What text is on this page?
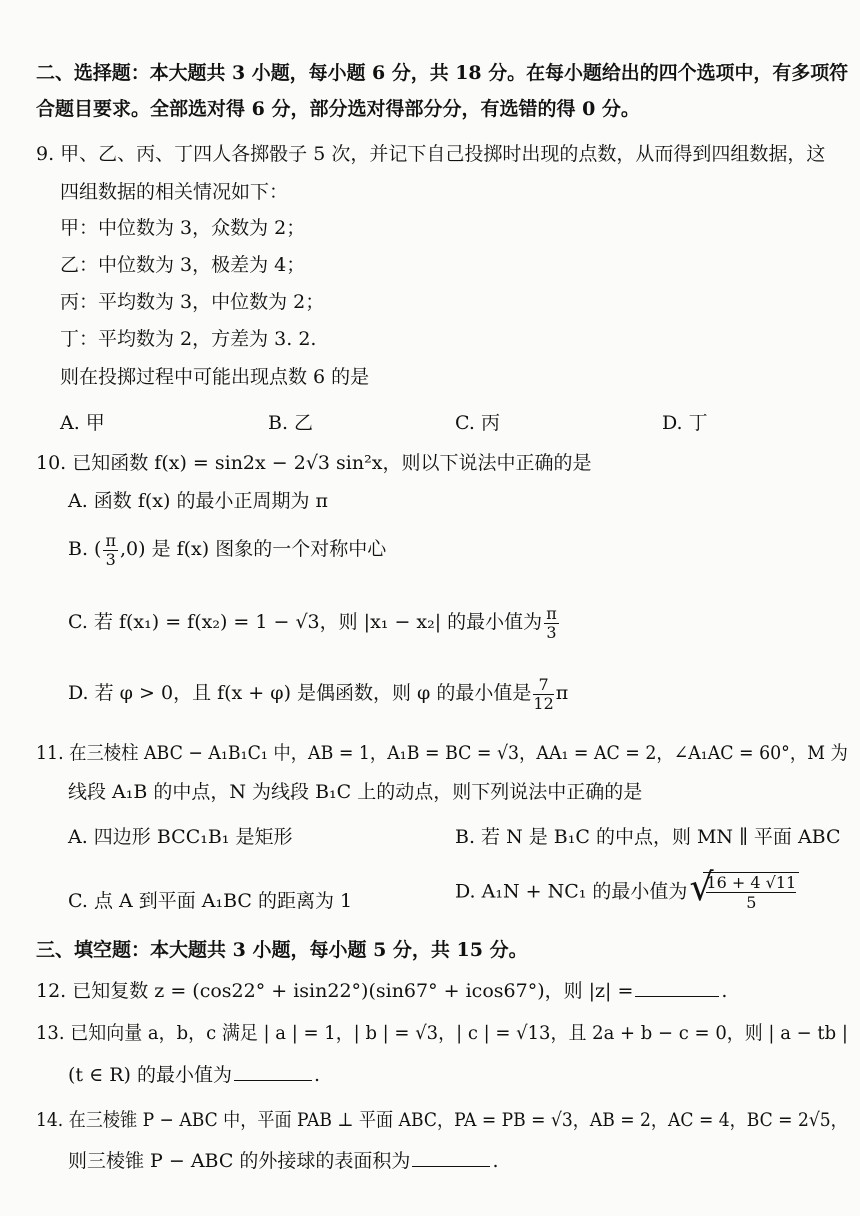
二、选择题：本大题共 3 小题，每小题 6 分，共 18 分。在每小题给出的四个选项中，有多项符
合题目要求。全部选对得 6 分，部分选对得部分分，有选错的得 0 分。
9. 甲、乙、丙、丁四人各掷骰子 5 次，并记下自己投掷时出现的点数，从而得到四组数据，这
四组数据的相关情况如下：
甲：中位数为 3，众数为 2；
乙：中位数为 3，极差为 4；
丙：平均数为 3，中位数为 2；
丁：平均数为 2，方差为 3. 2.
则在投掷过程中可能出现点数 6 的是
A. 甲	B. 乙	C. 丙	D. 丁
10. 已知函数 f(x) = sin2x − 2√3 sin²x，则以下说法中正确的是
A. 函数 f(x) 的最小正周期为 π
B. ( $\frac{\pi}{3} ,0$) 是 f(x) 图象的一个对称中心
C. 若 f(x₁) = f(x₂) = 1 − √3，则 |x₁ − x₂| 的最小值为 $\frac{\pi}{3}$
D. 若 φ > 0，且 f(x + φ) 是偶函数，则 φ 的最小值是 $\frac{7}{12}$ π
11. 在三棱柱 ABC − A₁B₁C₁ 中，AB = 1，A₁B = BC = √3，AA₁ = AC = 2，∠A₁AC = 60°，M 为
线段 A₁B 的中点，N 为线段 B₁C 上的动点，则下列说法中正确的是
A. 四边形 BCC₁B₁ 是矩形	B. 若 N 是 B₁C 的中点，则 MN ∥ 平面 ABC
C. 点 A 到平面 A₁BC 的距离为 1	D. A₁N + NC₁ 的最小值为 √
$\frac{16 + 4 √11}{5}$
三、填空题：本大题共 3 小题，每小题 5 分，共 15 分。
12. 已知复数 z = (cos22° + isin22°)(sin67° + icos67°)，则 |z| =	.
13. 已知向量 a，b，c 满足 | a | = 1，| b | = √3，| c | = √13，且 2a + b − c = 0，则 | a − tb |
(t ∈ R) 的最小值为	.
14. 在三棱锥 P − ABC 中，平面 PAB ⊥ 平面 ABC，PA = PB = √3，AB = 2，AC = 4，BC = 2√5，
则三棱锥 P − ABC 的外接球的表面积为	.
